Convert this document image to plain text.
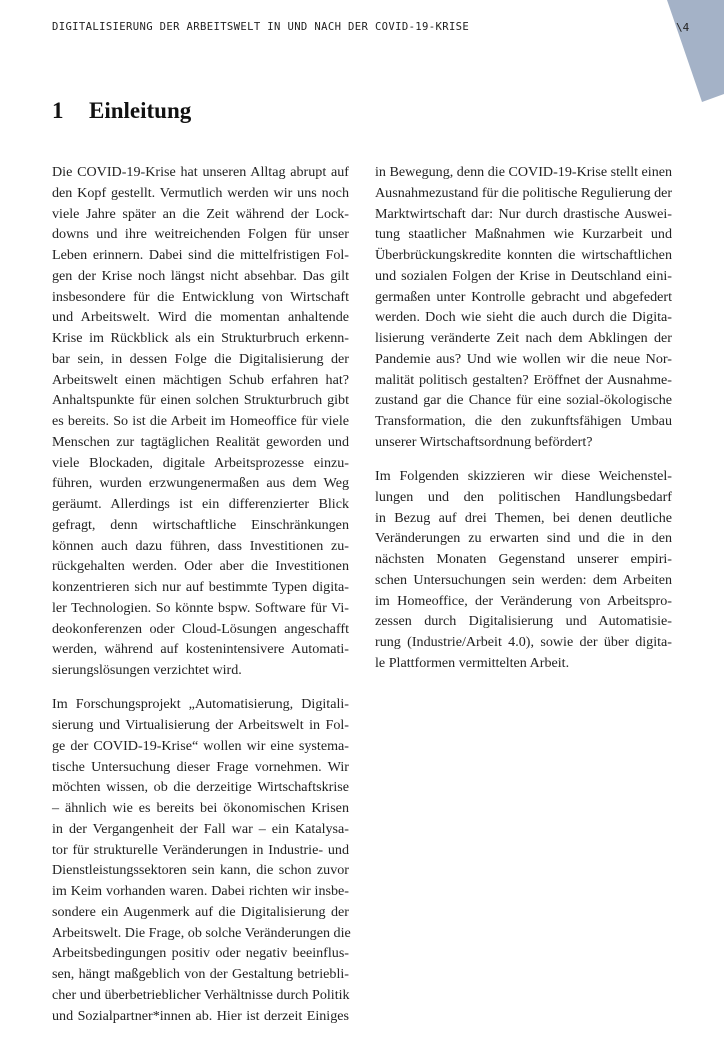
DIGITALISIERUNG DER ARBEITSWELT IN UND NACH DER COVID-19-KRISE	\4
1 Einleitung
Die COVID-19-Krise hat unseren Alltag abrupt auf
den Kopf gestellt. Vermutlich werden wir uns noch
viele Jahre später an die Zeit während der Lock-
downs und ihre weitreichenden Folgen für unser
Leben erinnern. Dabei sind die mittelfristigen Fol-
gen der Krise noch längst nicht absehbar. Das gilt
insbesondere für die Entwicklung von Wirtschaft
und Arbeitswelt. Wird die momentan anhaltende
Krise im Rückblick als ein Strukturbruch erkenn-
bar sein, in dessen Folge die Digitalisierung der
Arbeitswelt einen mächtigen Schub erfahren hat?
Anhaltspunkte für einen solchen Strukturbruch gibt
es bereits. So ist die Arbeit im Homeoffice für viele
Menschen zur tagtäglichen Realität geworden und
viele Blockaden, digitale Arbeitsprozesse einzu-
führen, wurden erzwungenermaßen aus dem Weg
geräumt. Allerdings ist ein differenzierter Blick
gefragt, denn wirtschaftliche Einschränkungen
können auch dazu führen, dass Investitionen zu-
rückgehalten werden. Oder aber die Investitionen
konzentrieren sich nur auf bestimmte Typen digita-
ler Technologien. So könnte bspw. Software für Vi-
deokonferenzen oder Cloud-Lösungen angeschafft
werden, während auf kostenintensivere Automati-
sierungslösungen verzichtet wird.
Im Forschungsprojekt „Automatisierung, Digitali-
sierung und Virtualisierung der Arbeitswelt in Fol-
ge der COVID-19-Krise“ wollen wir eine systema-
tische Untersuchung dieser Frage vornehmen. Wir
möchten wissen, ob die derzeitige Wirtschaftskrise
– ähnlich wie es bereits bei ökonomischen Krisen
in der Vergangenheit der Fall war – ein Katalysa-
tor für strukturelle Veränderungen in Industrie- und
Dienstleistungssektoren sein kann, die schon zuvor
im Keim vorhanden waren. Dabei richten wir insbe-
sondere ein Augenmerk auf die Digitalisierung der
Arbeitswelt. Die Frage, ob solche Veränderungen die
Arbeitsbedingungen positiv oder negativ beeinflus-
sen, hängt maßgeblich von der Gestaltung betriebli-
cher und überbetrieblicher Verhältnisse durch Politik
und Sozialpartner*innen ab. Hier ist derzeit Einiges
in Bewegung, denn die COVID-19-Krise stellt einen
Ausnahmezustand für die politische Regulierung der
Marktwirtschaft dar: Nur durch drastische Auswei-
tung staatlicher Maßnahmen wie Kurzarbeit und
Überbrückungskredite konnten die wirtschaftlichen
und sozialen Folgen der Krise in Deutschland eini-
germaßen unter Kontrolle gebracht und abgefedert
werden. Doch wie sieht die auch durch die Digita-
lisierung veränderte Zeit nach dem Abklingen der
Pandemie aus? Und wie wollen wir die neue Nor-
malität politisch gestalten? Eröffnet der Ausnahme-
zustand gar die Chance für eine sozial-ökologische
Transformation, die den zukunftsfähigen Umbau
unserer Wirtschaftsordnung befördert?
Im Folgenden skizzieren wir diese Weichenstel-
lungen und den politischen Handlungsbedarf
in Bezug auf drei Themen, bei denen deutliche
Veränderungen zu erwarten sind und die in den
nächsten Monaten Gegenstand unserer empiri-
schen Untersuchungen sein werden: dem Arbeiten
im Homeoffice, der Veränderung von Arbeitspro-
zessen durch Digitalisierung und Automatisie-
rung (Industrie/Arbeit 4.0), sowie der über digita-
le Plattformen vermittelten Arbeit.
